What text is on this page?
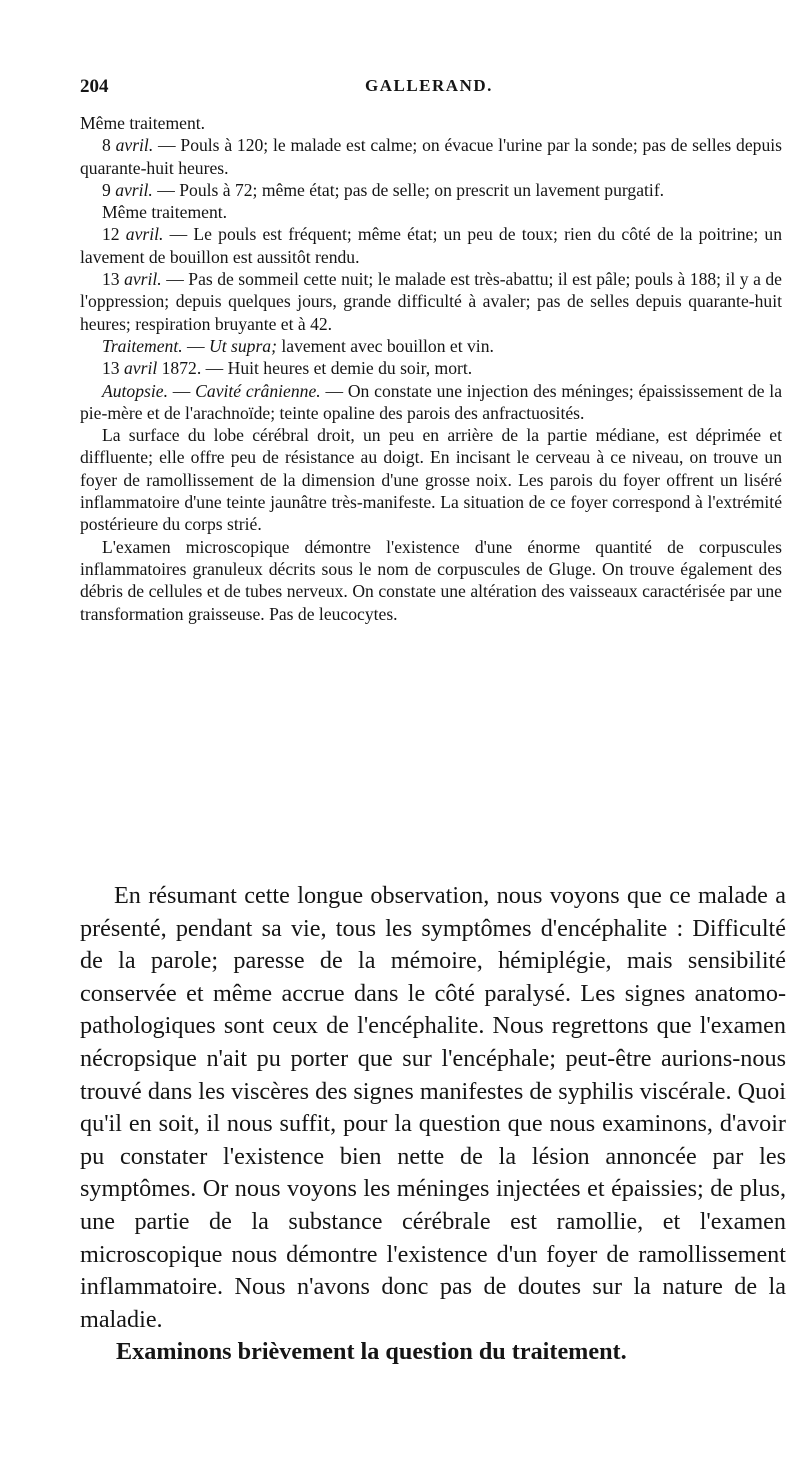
204	GALLERAND.

Même traitement.

8 avril. — Pouls à 120; le malade est calme; on évacue l'urine par la sonde; pas de selles depuis quarante-huit heures.

9 avril. — Pouls à 72; même état; pas de selle; on prescrit un lavement purgatif.

Même traitement.

12 avril. — Le pouls est fréquent; même état; un peu de toux; rien du côté de la poitrine; un lavement de bouillon est aussitôt rendu.

13 avril. — Pas de sommeil cette nuit; le malade est très-abattu; il est pâle; pouls à 188; il y a de l'oppression; depuis quelques jours, grande difficulté à avaler; pas de selles depuis quarante-huit heures; respiration bruyante et à 42.

Traitement. — Ut supra; lavement avec bouillon et vin.

13 avril 1872. — Huit heures et demie du soir, mort.

Autopsie. — Cavité crânienne. — On constate une injection des méninges; épaississement de la pie-mère et de l'arachnoïde; teinte opaline des parois des anfractuosités.

La surface du lobe cérébral droit, un peu en arrière de la partie médiane, est déprimée et diffluente; elle offre peu de résistance au doigt. En incisant le cerveau à ce niveau, on trouve un foyer de ramollissement de la dimension d'une grosse noix. Les parois du foyer offrent un liséré inflammatoire d'une teinte jaunâtre très-manifeste. La situation de ce foyer correspond à l'extrémité postérieure du corps strié.

L'examen microscopique démontre l'existence d'une énorme quantité de corpuscules inflammatoires granuleux décrits sous le nom de corpuscules de Gluge. On trouve également des débris de cellules et de tubes nerveux. On constate une altération des vaisseaux caractérisée par une transformation graisseuse. Pas de leucocytes.

En résumant cette longue observation, nous voyons que ce malade a présenté, pendant sa vie, tous les symptômes d'encéphalite : Difficulté de la parole; paresse de la mémoire, hémiplégie, mais sensibilité conservée et même accrue dans le côté paralysé. Les signes anatomo-pathologiques sont ceux de l'encéphalite. Nous regrettons que l'examen nécropsique n'ait pu porter que sur l'encéphale; peut-être aurions-nous trouvé dans les viscères des signes manifestes de syphilis viscérale. Quoi qu'il en soit, il nous suffit, pour la question que nous examinons, d'avoir pu constater l'existence bien nette de la lésion annoncée par les symptômes. Or nous voyons les méninges injectées et épaissies; de plus, une partie de la substance cérébrale est ramollie, et l'examen microscopique nous démontre l'existence d'un foyer de ramollissement inflammatoire. Nous n'avons donc pas de doutes sur la nature de la maladie.

Examinons brièvement la question du traitement.
